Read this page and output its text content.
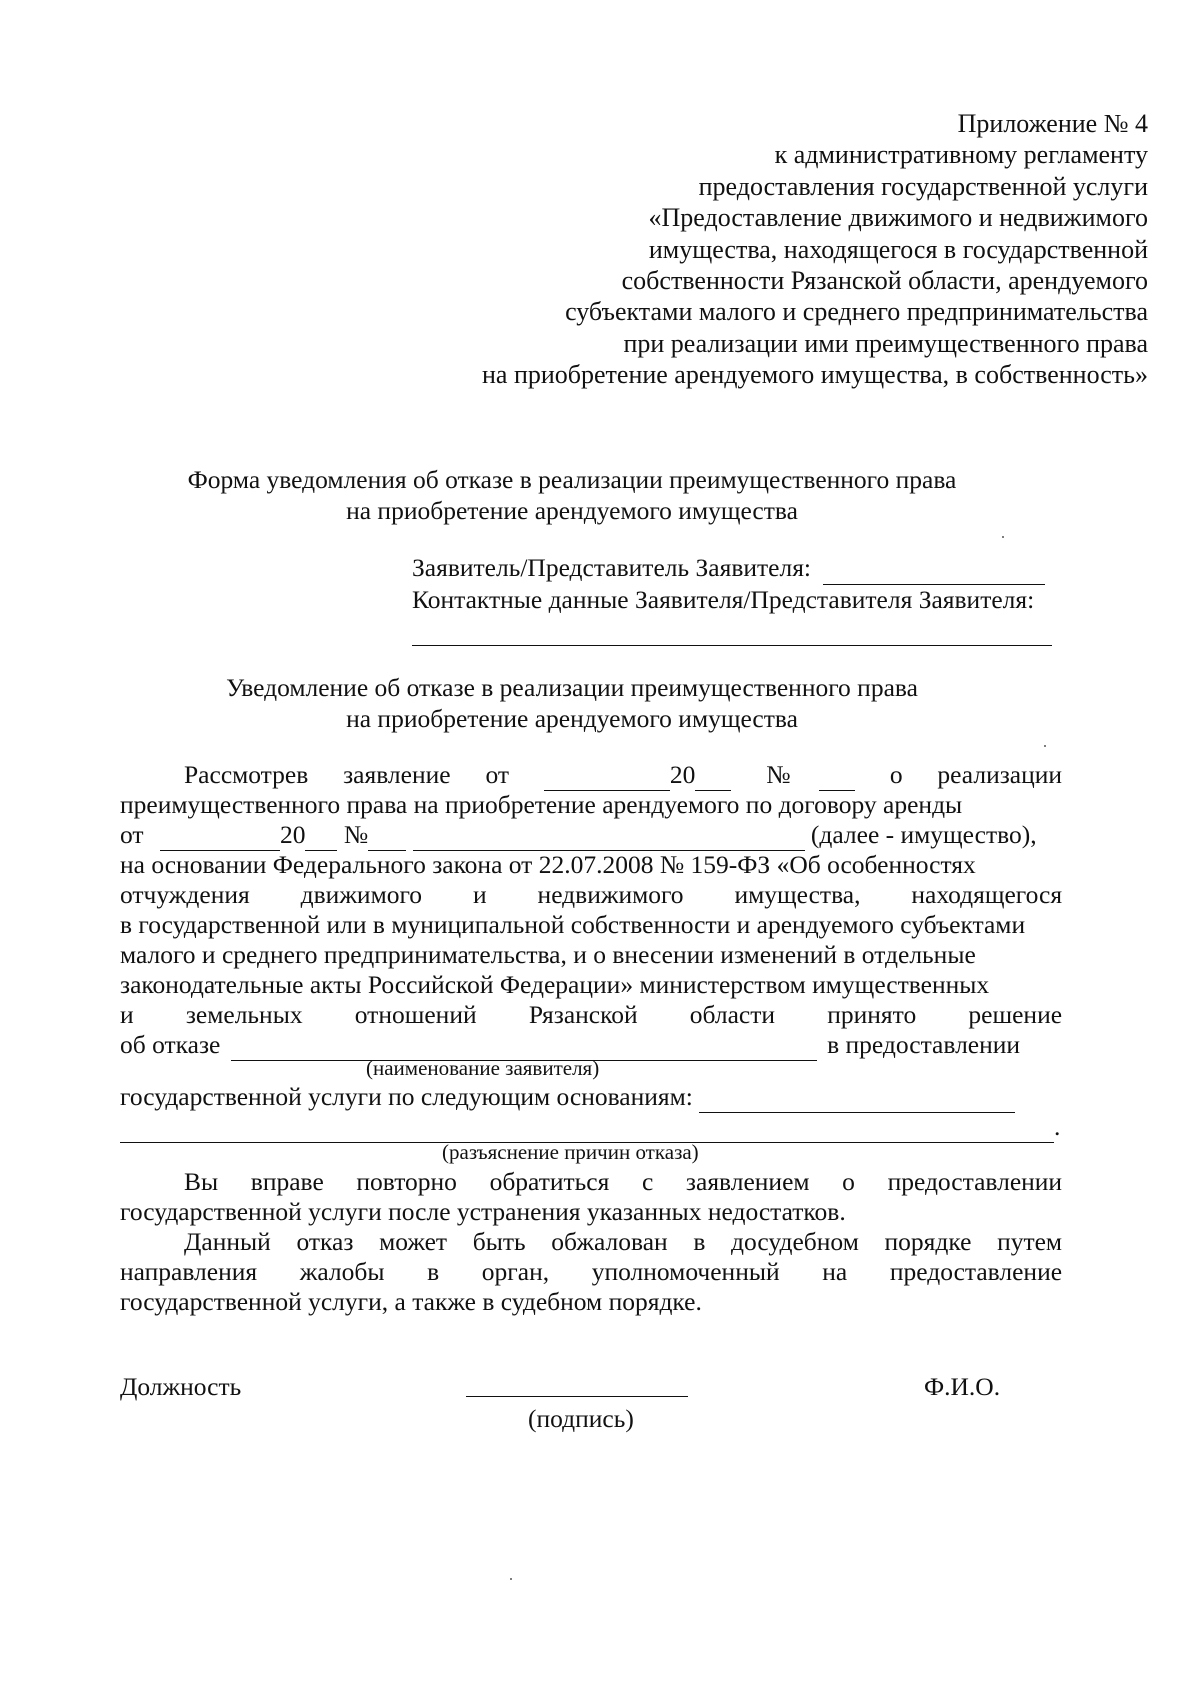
Приложение № 4
к административному регламенту
предоставления государственной услуги
«Предоставление движимого и недвижимого
имущества, находящегося в государственной
собственности Рязанской области, арендуемого
субъектами малого и среднего предпринимательства
при реализации ими преимущественного права
на приобретение арендуемого имущества, в собственность»
Форма уведомления об отказе в реализации преимущественного права
на приобретение арендуемого имущества
Заявитель/Представитель Заявителя:
Контактные данные Заявителя/Представителя Заявителя:
Уведомление об отказе в реализации преимущественного права
на приобретение арендуемого имущества
Рассмотрев заявление от	20	№	о реализации
преимущественного права на приобретение арендуемого по договору аренды
от	20 №	(далее - имущество),
на основании Федерального закона от 22.07.2008 № 159-ФЗ «Об особенностях
отчуждения движимого и недвижимого имущества, находящегося
в государственной или в муниципальной собственности и арендуемого субъектами
малого и среднего предпринимательства, и о внесении изменений в отдельные
законодательные акты Российской Федерации» министерством имущественных
и земельных отношений Рязанской области принято решение
об отказе	в предоставлении
(наименование заявителя)
государственной услуги по следующим основаниям:
.
(разъяснение причин отказа)
Вы вправе повторно обратиться с заявлением о предоставлении
государственной услуги после устранения указанных недостатков.
Данный отказ может быть обжалован в досудебном порядке путем
направления жалобы в орган, уполномоченный на предоставление
государственной услуги, а также в судебном порядке.
Должность
(подпись)
Ф.И.О.
